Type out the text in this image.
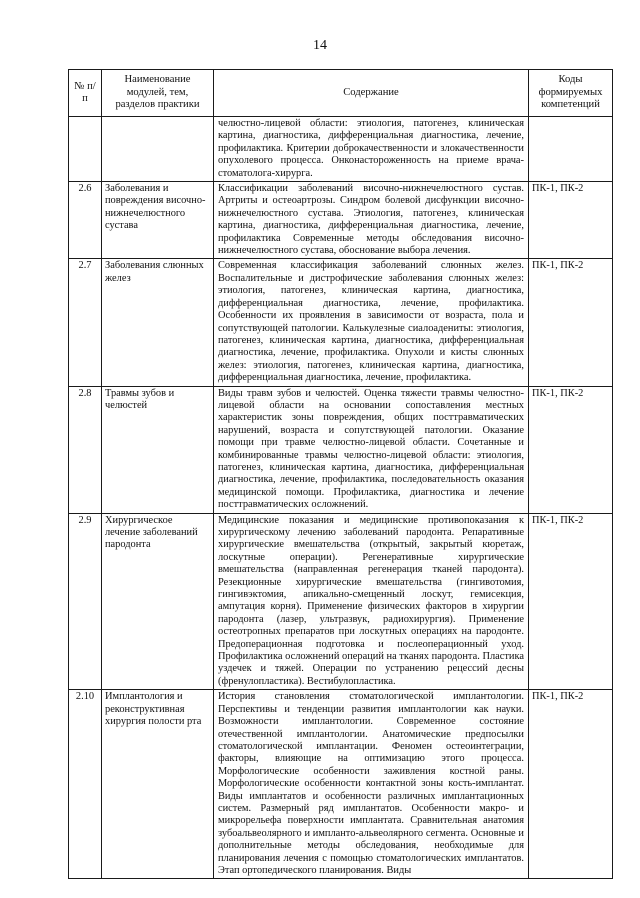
14
№ п/п	Наименование модулей, тем, разделов практики	Содержание	Коды формируемых компетенций
		челюстно-лицевой области: этиология, патогенез, клиническая картина, диагностика, дифференциальная диагностика, лечение, профилактика. Критерии доброкачественности и злокачественности опухолевого процесса. Онконастороженность на приеме врача-стоматолога-хирурга.	
2.6	Заболевания и повреждения височно-нижнечелюстного сустава	Классификации заболеваний височно-нижнечелюстного сустав. Артриты и остеоартрозы. Синдром болевой дисфункции височно-нижнечелюстного сустава. Этиология, патогенез, клиническая картина, диагностика, дифференциальная диагностика, лечение, профилактика Современные методы обследования височно-нижнечелюстного сустава, обоснование выбора лечения.	ПК-1, ПК-2
2.7	Заболевания слюнных желез	Современная классификация заболеваний слюнных желез. Воспалительные и дистрофические заболевания слюнных желез: этиология, патогенез, клиническая картина, диагностика, дифференциальная диагностика, лечение, профилактика. Особенности их проявления в зависимости от возраста, пола и сопутствующей патологии. Калькулезные сиалоадениты: этиология, патогенез, клиническая картина, диагностика, дифференциальная диагностика, лечение, профилактика. Опухоли и кисты слюнных желез: этиология, патогенез, клиническая картина, диагностика, дифференциальная диагностика, лечение, профилактика.	ПК-1, ПК-2
2.8	Травмы зубов и челюстей	Виды травм зубов и челюстей. Оценка тяжести травмы челюстно-лицевой области на основании сопоставления местных характеристик зоны повреждения, общих посттравматических нарушений, возраста и сопутствующей патологии. Оказание помощи при травме челюстно-лицевой области. Сочетанные и комбинированные травмы челюстно-лицевой области: этиология, патогенез, клиническая картина, диагностика, дифференциальная диагностика, лечение, профилактика, последовательность оказания медицинской помощи. Профилактика, диагностика и лечение посттравматических осложнений.	ПК-1, ПК-2
2.9	Хирургическое лечение заболеваний пародонта	Медицинские показания и медицинские противопоказания к хирургическому лечению заболеваний пародонта. Репаративные хирургические вмешательства (открытый, закрытый кюретаж, лоскутные операции). Регенеративные хирургические вмешательства (направленная регенерация тканей пародонта). Резекционные хирургические вмешательства (гингивотомия, гингивэктомия, апикально-смещенный лоскут, гемисекция, ампутация корня). Применение физических факторов в хирургии пародонта (лазер, ультразвук, радиохирургия). Применение остеотропных препаратов при лоскутных операциях на пародонте. Предоперационная подготовка и послеоперационный уход. Профилактика осложнений операций на тканях пародонта. Пластика уздечек и тяжей. Операции по устранению рецессий десны (френулопластика). Вестибулопластика.	ПК-1, ПК-2
2.10	Имплантология и реконструктивная хирургия полости рта	История становления стоматологической имплантологии. Перспективы и тенденции развития имплантологии как науки. Возможности имплантологии. Современное состояние отечественной имплантологии. Анатомические предпосылки стоматологической имплантации. Феномен остеоинтеграции, факторы, влияющие на оптимизацию этого процесса. Морфологические особенности заживления костной раны. Морфологические особенности контактной зоны кость-имплантат. Виды имплантатов и особенности различных имплантационных систем. Размерный ряд имплантатов. Особенности макро- и микрорельефа поверхности имплантата. Сравнительная анатомия зубоальвеолярного и импланто-альвеолярного сегмента. Основные и дополнительные методы обследования, необходимые для планирования лечения с помощью стоматологических имплантатов. Этап ортопедического планирования. Виды	ПК-1, ПК-2
